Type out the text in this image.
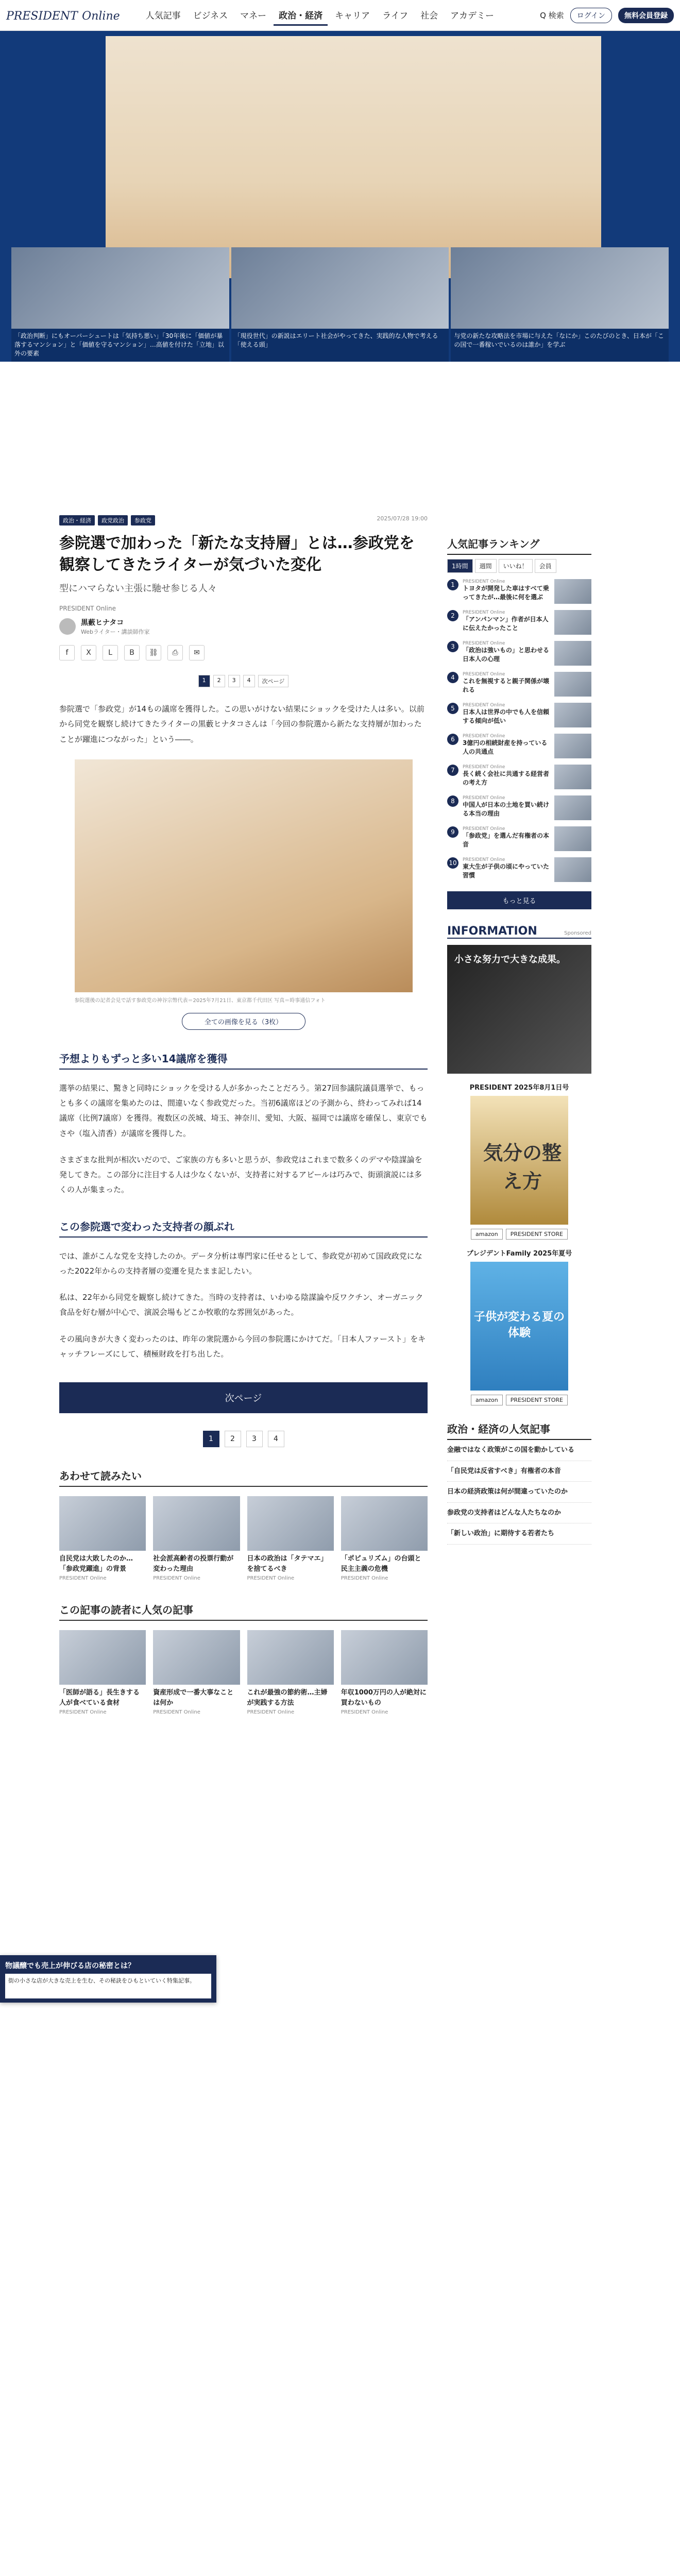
PRESIDENT Online	人気記事	ビジネス	マネー	政治・経済	キャリア	ライフ	社会	アカデミー	Q 検索	ログイン	無料会員登録
「政治判断」にもオーバーシュートは「気持ち悪い」「30年後に「価値が暴落するマンション」と「価値を守るマンション」…高値を付けた「立地」以外の要素
「現役世代」の新説はエリート社会がやってきた、実践的な人物で考える「使える頭」
与党の新たな攻略法を市場に与えた「なにか」このたびのとき、日本が「この国で一番稼いでいるのは誰か」を学ぶ
政治・経済	政党政治	参政党	2025/07/28 19:00
参院選で加わった「新たな支持層」とは…参政党を観察してきたライターが気づいた変化
型にハマらない主張に馳せ参じる人々
PRESIDENT Online
黒藪ヒナタコ
Webライター・講談師作家
f	X	L	B	⛓	⎙	✉
1	2	3	4	次ページ
参院選で「参政党」が14もの議席を獲得した。この思いがけない結果にショックを受けた人は多い。以前から同党を観察し続けてきたライターの黒藪ヒナタコさんは「今回の参院選から新たな支持層が加わったことが躍進につながった」という――。
参院選後の記者会見で話す参政党の神谷宗幣代表＝2025年7月21日、東京都千代田区 写真＝時事通信フォト
全ての画像を見る（3枚）
予想よりもずっと多い14議席を獲得
選挙の結果に、驚きと同時にショックを受ける人が多かったことだろう。第27回参議院議員選挙で、もっとも多くの議席を集めたのは、間違いなく参政党だった。当初6議席ほどの予測から、終わってみれば14議席（比例7議席）を獲得。複数区の茨城、埼玉、神奈川、愛知、大阪、福岡では議席を確保し、東京でもさや（塩入清香）が議席を獲得した。
さまざまな批判が相次いだので、ご家族の方も多いと思うが、参政党はこれまで数多くのデマや陰謀論を発してきた。この部分に注目する人は少なくないが、支持者に対するアピールは巧みで、街頭演説には多くの人が集まった。
この参院選で変わった支持者の顔ぶれ
では、誰がこんな党を支持したのか。データ分析は専門家に任せるとして、参政党が初めて国政政党になった2022年からの支持者層の変遷を見たまま記したい。
私は、22年から同党を観察し続けてきた。当時の支持者は、いわゆる陰謀論や反ワクチン、オーガニック食品を好む層が中心で、演説会場もどこか牧歌的な雰囲気があった。
その風向きが大きく変わったのは、昨年の衆院選から今回の参院選にかけてだ。「日本人ファースト」をキャッチフレーズにして、積極財政を打ち出した。
次ページ
1	2	3	4
あわせて読みたい
自民党は大敗したのか…「参政党躍進」の背景
PRESIDENT Online
社会派高齢者の投票行動が変わった理由
PRESIDENT Online
日本の政治は「タテマエ」を捨てるべき
PRESIDENT Online
「ポピュリズム」の台頭と民主主義の危機
PRESIDENT Online
この記事の読者に人気の記事
「医師が語る」長生きする人が食べている食材
PRESIDENT Online
資産形成で一番大事なことは何か
PRESIDENT Online
これが最強の節約術…主婦が実践する方法
PRESIDENT Online
年収1000万円の人が絶対に買わないもの
PRESIDENT Online
物議醸でも売上が伸びる店の秘密とは？
街の小さな店が大きな売上を生む、その秘訣をひもといていく特集記事。
人気記事ランキング
1時間	週間	いいね！	会員
1	PRESIDENT Online
トヨタが開発した車はすべて乗ってきたが…最後に何を選ぶ
2	PRESIDENT Online
「アンパンマン」作者が日本人に伝えたかったこと
3	PRESIDENT Online
「政治は強いもの」と思わせる日本人の心理
4	PRESIDENT Online
これを無視すると親子関係が壊れる
5	PRESIDENT Online
日本人は世界の中でも人を信頼する傾向が低い
6	PRESIDENT Online
3億円の相続財産を持っている人の共通点
7	PRESIDENT Online
長く続く会社に共通する経営者の考え方
8	PRESIDENT Online
中国人が日本の土地を買い続ける本当の理由
9	PRESIDENT Online
「参政党」を選んだ有権者の本音
10	PRESIDENT Online
東大生が子供の頃にやっていた習慣
もっと見る
INFORMATION	Sponsored
小さな努力で大きな成果。
PRESIDENT 2025年8月1日号
気分の整え方
amazon	PRESIDENT STORE
プレジデントFamily 2025年夏号
子供が変わる夏の体験
amazon	PRESIDENT STORE
政治・経済の人気記事
金融ではなく政策がこの国を動かしている
「自民党は反省すべき」有権者の本音
日本の経済政策は何が間違っていたのか
参政党の支持者はどんな人たちなのか
「新しい政治」に期待する若者たち
